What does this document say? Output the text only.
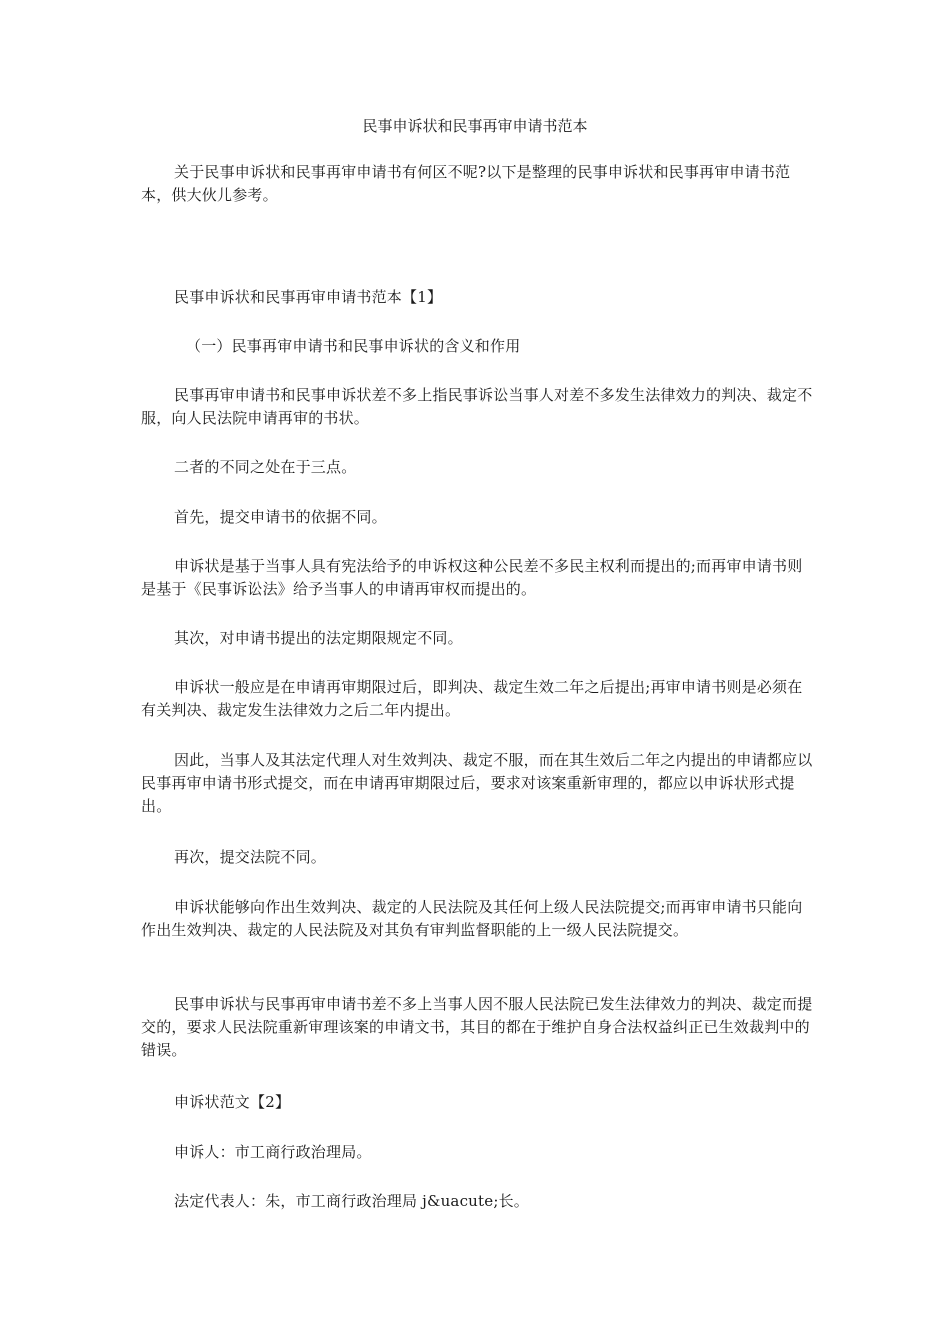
民事申诉状和民事再审申请书范本

关于民事申诉状和民事再审申请书有何区不呢?以下是整理的民事申诉状和民事再审申请书范本，供大伙儿参考。

民事申诉状和民事再审申请书范本【1】
（一）民事再审申请书和民事申诉状的含义和作用

民事再审申请书和民事申诉状差不多上指民事诉讼当事人对差不多发生法律效力的判决、裁定不服，向人民法院申请再审的书状。

二者的不同之处在于三点。
首先，提交申请书的依据不同。

申诉状是基于当事人具有宪法给予的申诉权这种公民差不多民主权利而提出的;而再审申请书则是基于《民事诉讼法》给予当事人的申请再审权而提出的。

其次，对申请书提出的法定期限规定不同。

申诉状一般应是在申请再审期限过后，即判决、裁定生效二年之后提出;再审申请书则是必须在有关判决、裁定发生法律效力之后二年内提出。

因此，当事人及其法定代理人对生效判决、裁定不服，而在其生效后二年之内提出的申请都应以民事再审申请书形式提交，而在申请再审期限过后，要求对该案重新审理的，都应以申诉状形式提出。

再次，提交法院不同。

申诉状能够向作出生效判决、裁定的人民法院及其任何上级人民法院提交;而再审申请书只能向作出生效判决、裁定的人民法院及对其负有审判监督职能的上一级人民法院提交。

民事申诉状与民事再审申请书差不多上当事人因不服人民法院已发生法律效力的判决、裁定而提交的，要求人民法院重新审理该案的申请文书，其目的都在于维护自身合法权益纠正已生效裁判中的错误。

申诉状范文【2】
申诉人：市工商行政治理局。
法定代表人：朱，市工商行政治理局 j&uacute;长。
